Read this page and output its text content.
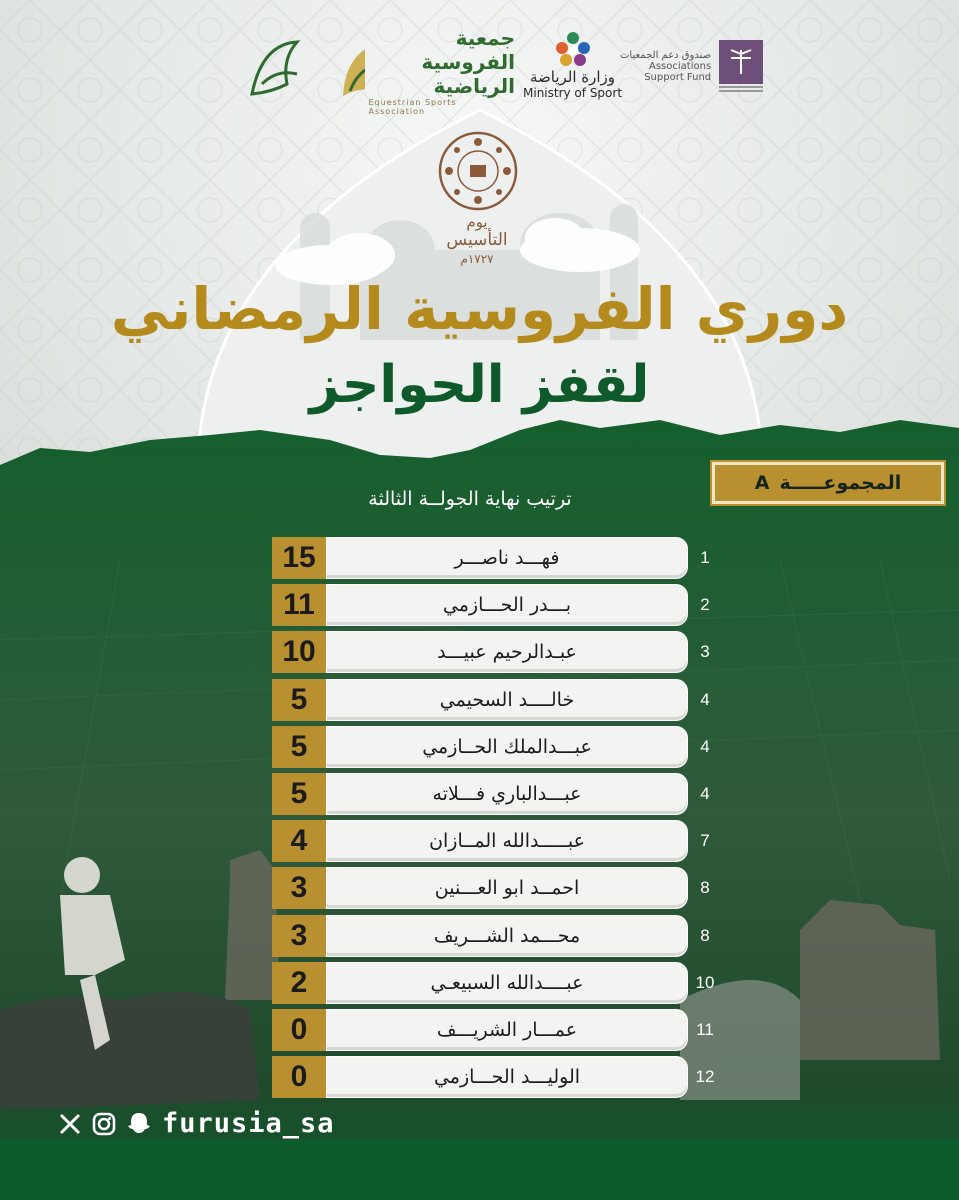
جمعية الفروسية الرياضية
Equestrian Sports Association
وزارة الرياضة
Ministry of Sport
صندوق دعم الجمعيات
Associations
Support Fund
يوم
التأسيس
١٧٢٧م
دوري الفروسية الرمضاني
لقفز الحواجز
المجموعـــــة
A
ترتيب نهاية الجولــة الثالثة
15	فهـــد ناصـــر	1
11	بـــدر الحـــازمي	2
10	عبـدالرحيم عبيـــد	3
5	خالــــد السحيمي	4
5	عبـــدالملك الحــازمي	4
5	عبـــدالباري فـــلاته	4
4	عبـــــدالله المــازان	7
3	احمــد ابو العـــنين	8
3	محـــمد الشـــريف	8
2	عبــــدالله السبيعـي	10
0	عمـــار الشريـــف	11
0	الوليـــد الحـــازمي	12
furusia_sa
